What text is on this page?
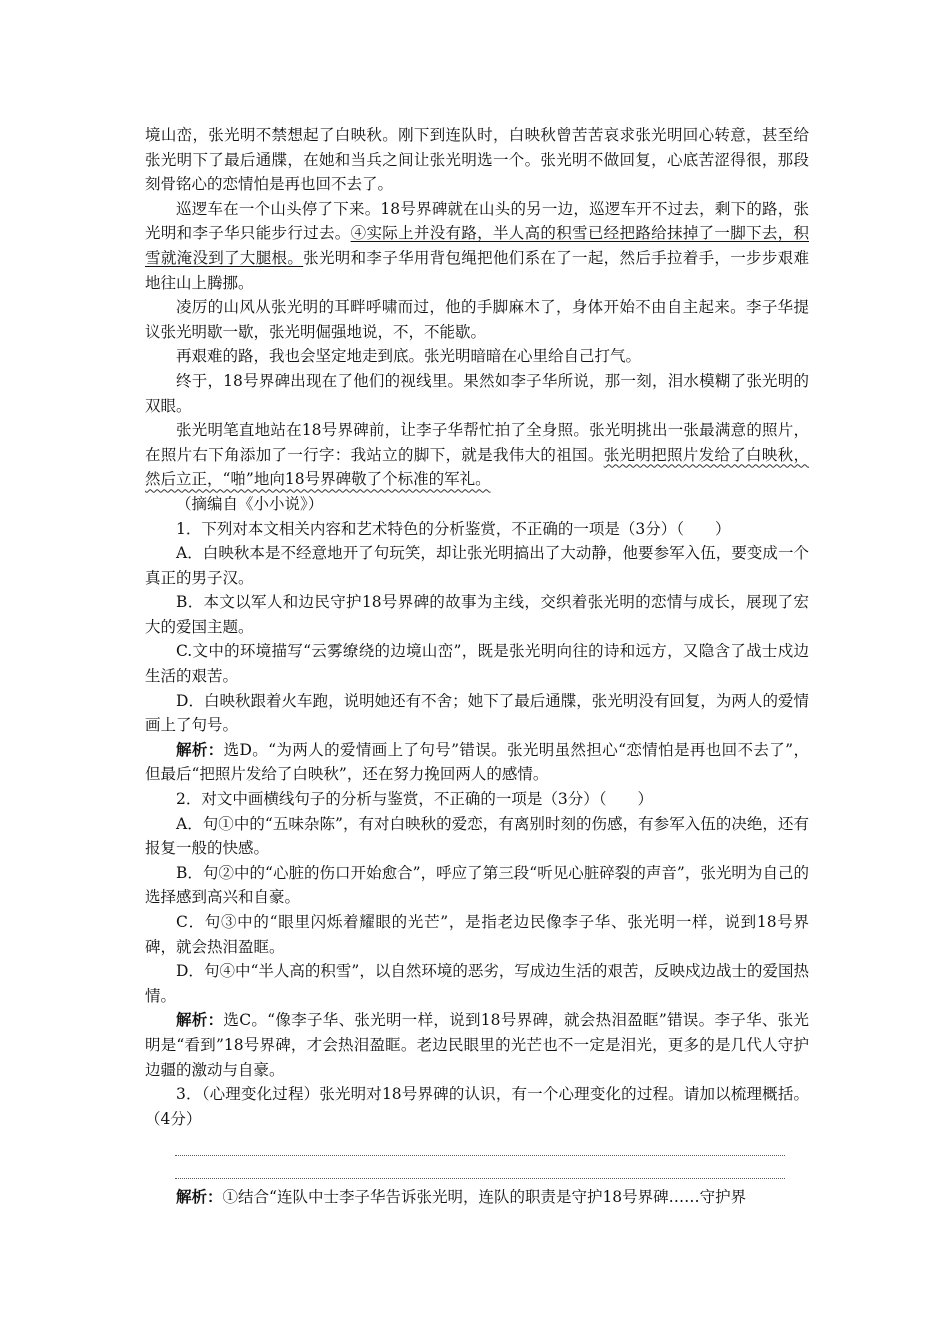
境山峦，张光明不禁想起了白映秋。刚下到连队时，白映秋曾苦苦哀求张光明回心转意，甚至给张光明下了最后通牒，在她和当兵之间让张光明选一个。张光明不做回复，心底苦涩得很，那段刻骨铭心的恋情怕是再也回不去了。

巡逻车在一个山头停了下来。18号界碑就在山头的另一边，巡逻车开不过去，剩下的路，张光明和李子华只能步行过去。④实际上并没有路，半人高的积雪已经把路给抹掉了一脚下去，积雪就淹没到了大腿根。张光明和李子华用背包绳把他们系在了一起，然后手拉着手，一步步艰难地往山上腾挪。

凌厉的山风从张光明的耳畔呼啸而过，他的手脚麻木了，身体开始不由自主起来。李子华提议张光明歇一歇，张光明倔强地说，不，不能歇。

再艰难的路，我也会坚定地走到底。张光明暗暗在心里给自己打气。

终于，18号界碑出现在了他们的视线里。果然如李子华所说，那一刻，泪水模糊了张光明的双眼。

张光明笔直地站在18号界碑前，让李子华帮忙拍了全身照。张光明挑出一张最满意的照片，在照片右下角添加了一行字：我站立的脚下，就是我伟大的祖国。张光明把照片发给了白映秋，然后立正，“啪”地向18号界碑敬了个标准的军礼。

（摘编自《小小说》）

1．下列对本文相关内容和艺术特色的分析鉴赏，不正确的一项是（3分）（　　）

A．白映秋本是不经意地开了句玩笑，却让张光明搞出了大动静，他要参军入伍，要变成一个真正的男子汉。

B．本文以军人和边民守护18号界碑的故事为主线，交织着张光明的恋情与成长，展现了宏大的爱国主题。

C.文中的环境描写“云雾缭绕的边境山峦”，既是张光明向往的诗和远方，又隐含了战士戍边生活的艰苦。

D．白映秋跟着火车跑，说明她还有不舍；她下了最后通牒，张光明没有回复，为两人的爱情画上了句号。

解析：选D。“为两人的爱情画上了句号”错误。张光明虽然担心“恋情怕是再也回不去了”，但最后“把照片发给了白映秋”，还在努力挽回两人的感情。

2．对文中画横线句子的分析与鉴赏，不正确的一项是（3分）（　　）

A．句①中的“五味杂陈”，有对白映秋的爱恋，有离别时刻的伤感，有参军入伍的决绝，还有报复一般的快感。

B．句②中的“心脏的伤口开始愈合”，呼应了第三段“听见心脏碎裂的声音”，张光明为自己的选择感到高兴和自豪。

C．句③中的“眼里闪烁着耀眼的光芒”，是指老边民像李子华、张光明一样，说到18号界碑，就会热泪盈眶。

D．句④中“半人高的积雪”，以自然环境的恶劣，写成边生活的艰苦，反映戍边战士的爱国热情。

解析：选C。“像李子华、张光明一样，说到18号界碑，就会热泪盈眶”错误。李子华、张光明是“看到”18号界碑，才会热泪盈眶。老边民眼里的光芒也不一定是泪光，更多的是几代人守护边疆的激动与自豪。

3．（心理变化过程）张光明对18号界碑的认识，有一个心理变化的过程。请加以梳理概括。（4分）

解析：①结合“连队中士李子华告诉张光明，连队的职责是守护18号界碑……守护界
